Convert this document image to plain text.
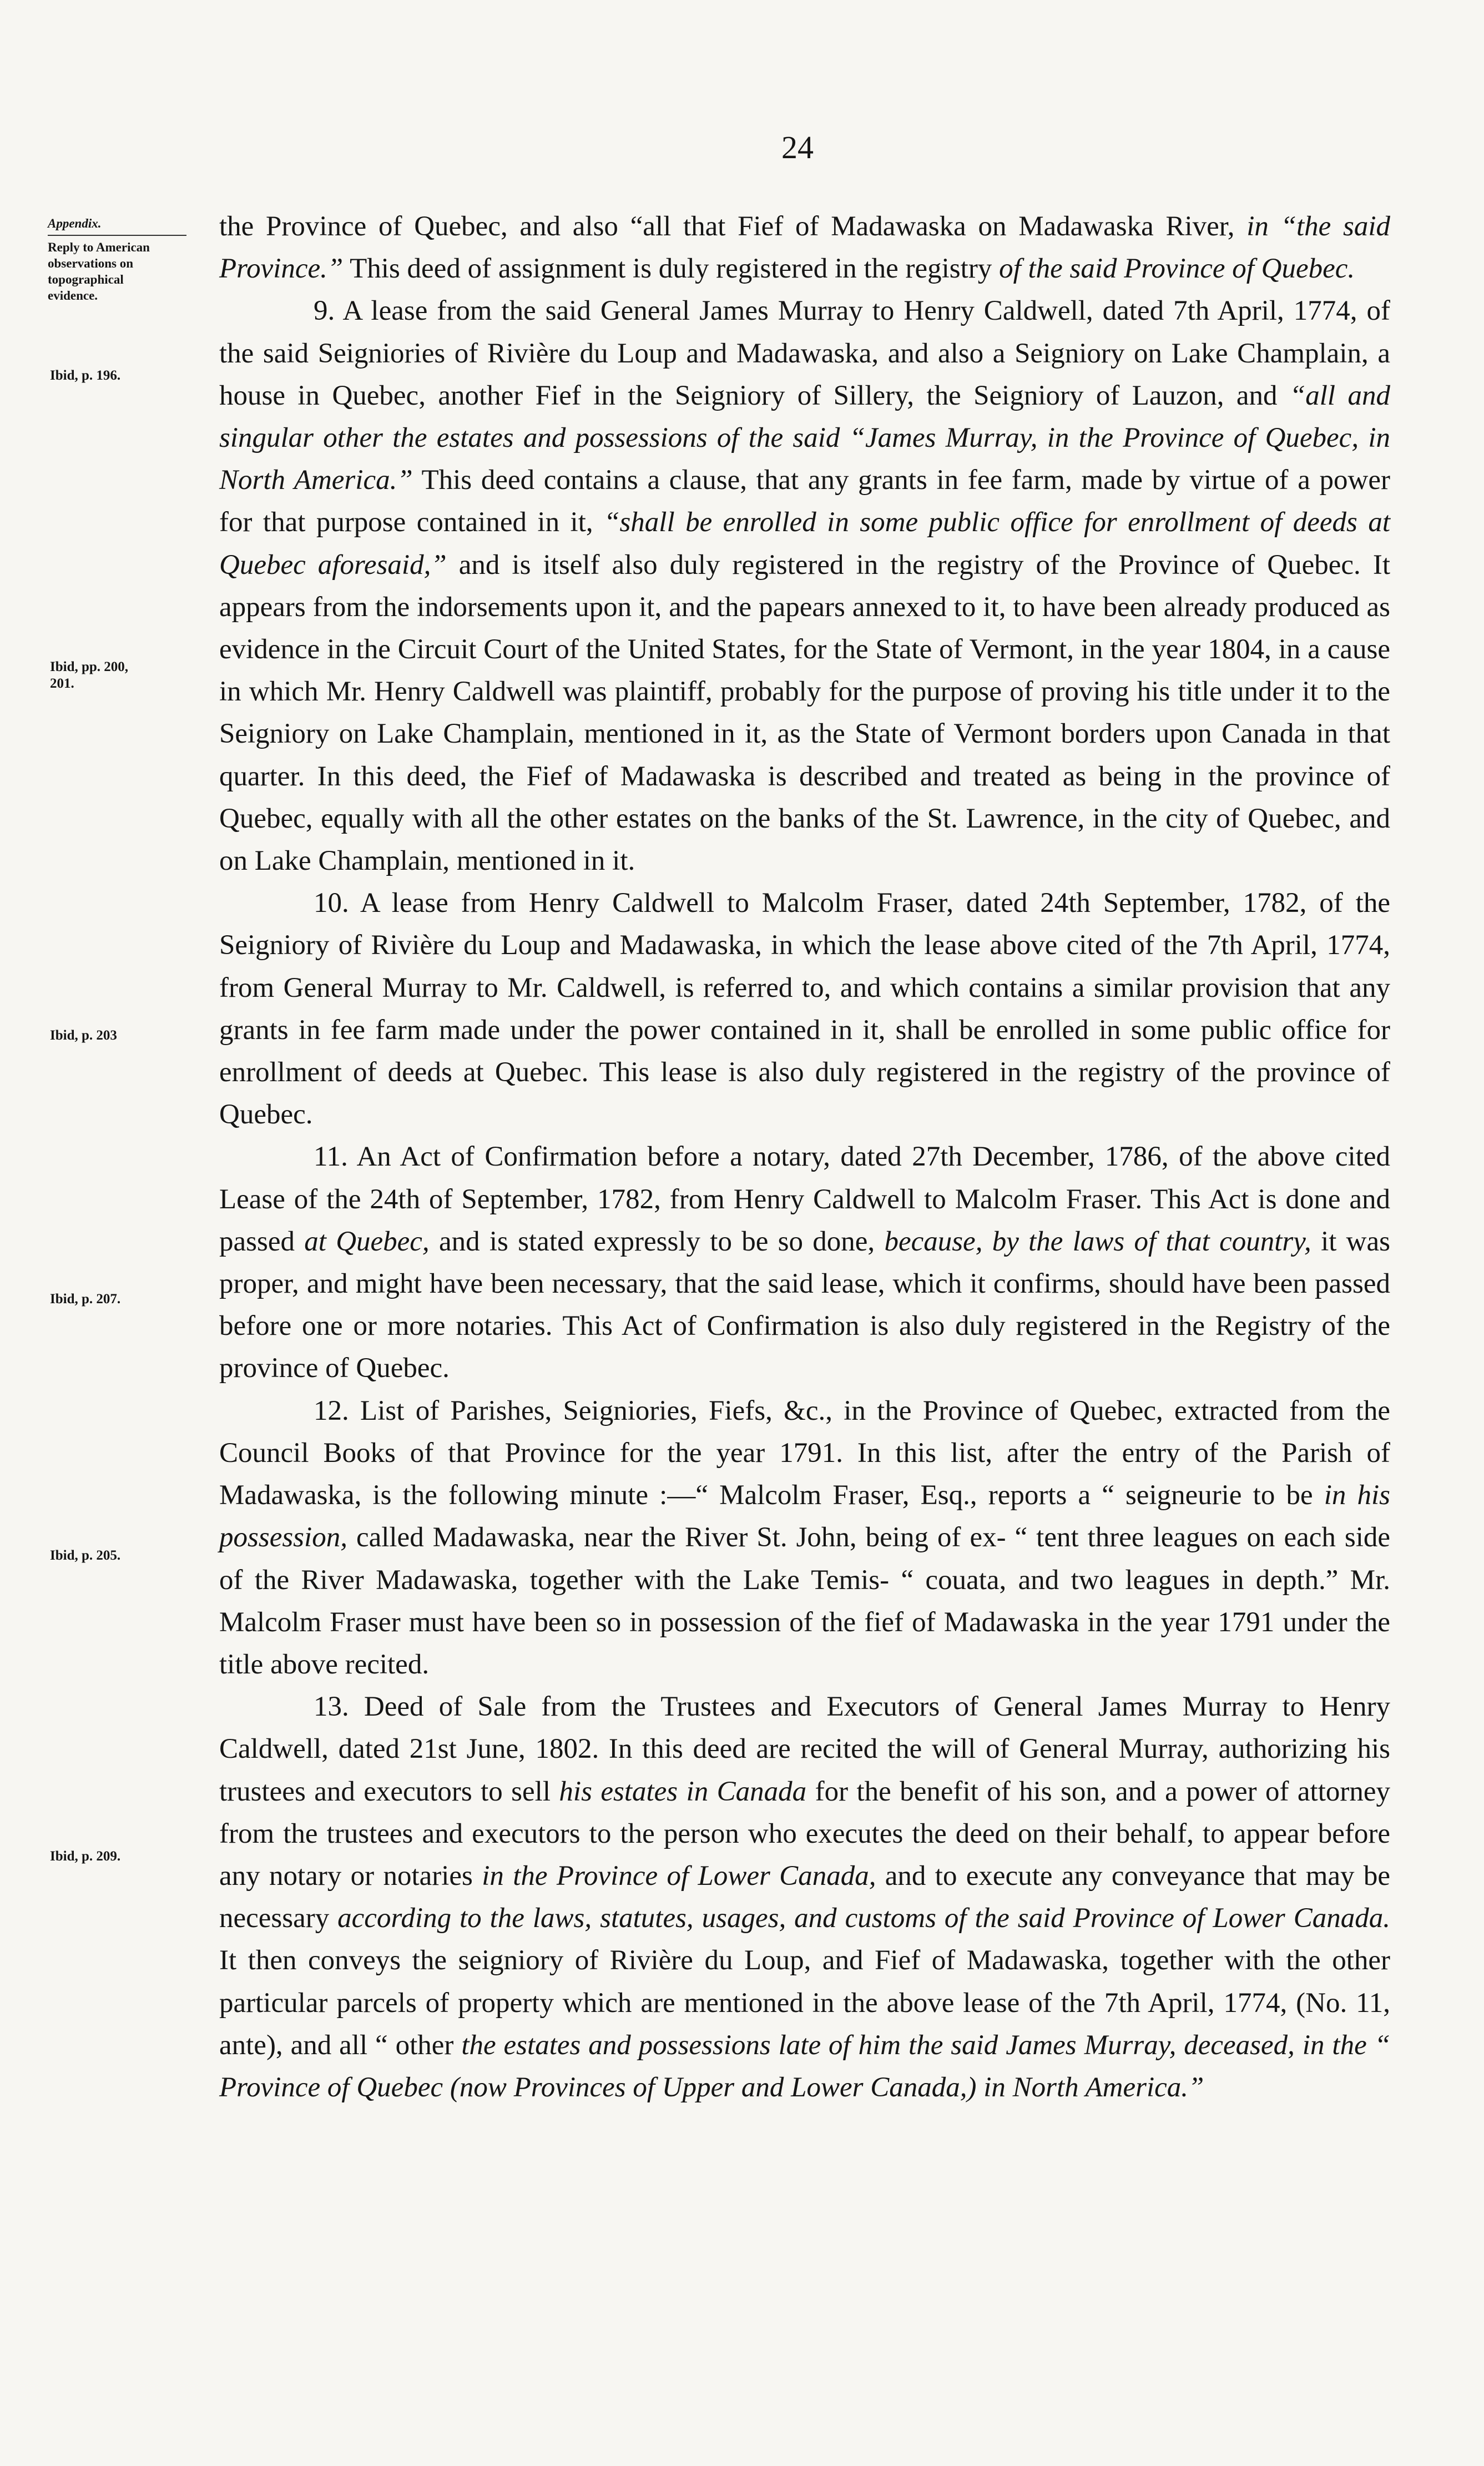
24
Appendix.
Reply to American observations on topographical evidence.
Ibid, p. 196.
Ibid, pp. 200, 201.
Ibid, p. 203
Ibid, p. 207.
Ibid, p. 205.
Ibid, p. 209.

the Province of Quebec, and also “all that Fief of Madawaska on Madawaska River, in “the said Province.” This deed of assignment is duly registered in the registry of the said Province of Quebec.

9. A lease from the said General James Murray to Henry Caldwell, dated 7th April, 1774, of the said Seigniories of Rivière du Loup and Madawaska, and also a Seigniory on Lake Champlain, a house in Quebec, another Fief in the Seigniory of Sillery, the Seigniory of Lauzon, and “all and singular other the estates and possessions of the said “James Murray, in the Province of Quebec, in North America.” This deed contains a clause, that any grants in fee farm, made by virtue of a power for that purpose contained in it, “shall be enrolled in some public office for enrollment of deeds at Quebec aforesaid,” and is itself also duly registered in the registry of the Province of Quebec. It appears from the indorsements upon it, and the papears annexed to it, to have been already produced as evidence in the Circuit Court of the United States, for the State of Vermont, in the year 1804, in a cause in which Mr. Henry Caldwell was plaintiff, probably for the purpose of proving his title under it to the Seigniory on Lake Champlain, mentioned in it, as the State of Vermont borders upon Canada in that quarter. In this deed, the Fief of Madawaska is described and treated as being in the province of Quebec, equally with all the other estates on the banks of the St. Lawrence, in the city of Quebec, and on Lake Champlain, mentioned in it.

10. A lease from Henry Caldwell to Malcolm Fraser, dated 24th September, 1782, of the Seigniory of Rivière du Loup and Madawaska, in which the lease above cited of the 7th April, 1774, from General Murray to Mr. Caldwell, is referred to, and which contains a similar provision that any grants in fee farm made under the power contained in it, shall be enrolled in some public office for enrollment of deeds at Quebec. This lease is also duly registered in the registry of the province of Quebec.

11. An Act of Confirmation before a notary, dated 27th December, 1786, of the above cited Lease of the 24th of September, 1782, from Henry Caldwell to Malcolm Fraser. This Act is done and passed at Quebec, and is stated expressly to be so done, because, by the laws of that country, it was proper, and might have been necessary, that the said lease, which it confirms, should have been passed before one or more notaries. This Act of Confirmation is also duly registered in the Registry of the province of Quebec.

12. List of Parishes, Seigniories, Fiefs, &c., in the Province of Quebec, extracted from the Council Books of that Province for the year 1791. In this list, after the entry of the Parish of Madawaska, is the following minute :—“ Malcolm Fraser, Esq., reports a “ seigneurie to be in his possession, called Madawaska, near the River St. John, being of ex- “ tent three leagues on each side of the River Madawaska, together with the Lake Temis- “ couata, and two leagues in depth.” Mr. Malcolm Fraser must have been so in possession of the fief of Madawaska in the year 1791 under the title above recited.

13. Deed of Sale from the Trustees and Executors of General James Murray to Henry Caldwell, dated 21st June, 1802. In this deed are recited the will of General Murray, authorizing his trustees and executors to sell his estates in Canada for the benefit of his son, and a power of attorney from the trustees and executors to the person who executes the deed on their behalf, to appear before any notary or notaries in the Province of Lower Canada, and to execute any conveyance that may be necessary according to the laws, statutes, usages, and customs of the said Province of Lower Canada. It then conveys the seigniory of Rivière du Loup, and Fief of Madawaska, together with the other particular parcels of property which are mentioned in the above lease of the 7th April, 1774, (No. 11, ante), and all “ other the estates and possessions late of him the said James Murray, deceased, in the “ Province of Quebec (now Provinces of Upper and Lower Canada,) in North America.”
